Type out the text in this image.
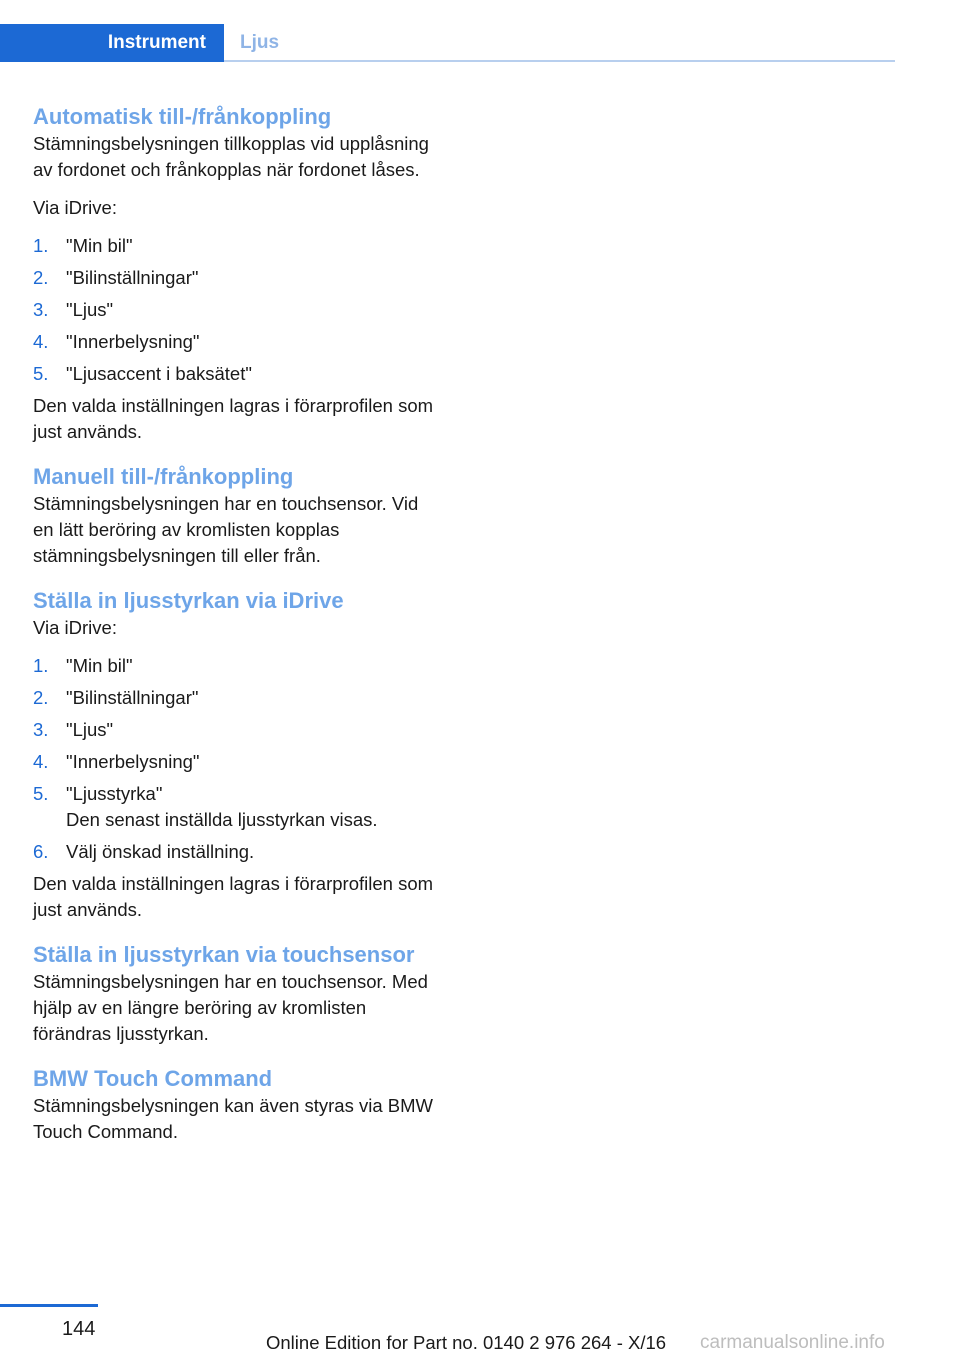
Instrument Ljus
Automatisk till-/frånkoppling

Stämningsbelysningen tillkopplas vid upplåsning av fordonet och frånkopplas när fordonet låses.

Via iDrive:

1. "Min bil"
2. "Bilinställningar"
3. "Ljus"
4. "Innerbelysning"
5. "Ljusaccent i baksätet"

Den valda inställningen lagras i förarprofilen som just används.

Manuell till-/frånkoppling

Stämningsbelysningen har en touchsensor. Vid en lätt beröring av kromlisten kopplas stämningsbelysningen till eller från.

Ställa in ljusstyrkan via iDrive

Via iDrive:

1. "Min bil"
2. "Bilinställningar"
3. "Ljus"
4. "Innerbelysning"
5. "Ljusstyrka"
Den senast inställda ljusstyrkan visas.
6. Välj önskad inställning.

Den valda inställningen lagras i förarprofilen som just används.

Ställa in ljusstyrkan via touchsensor

Stämningsbelysningen har en touchsensor. Med hjälp av en längre beröring av kromlisten förändras ljusstyrkan.

BMW Touch Command

Stämningsbelysningen kan även styras via BMW Touch Command.

144
Online Edition for Part no. 0140 2 976 264 - X/16 carmanualsonline.info
